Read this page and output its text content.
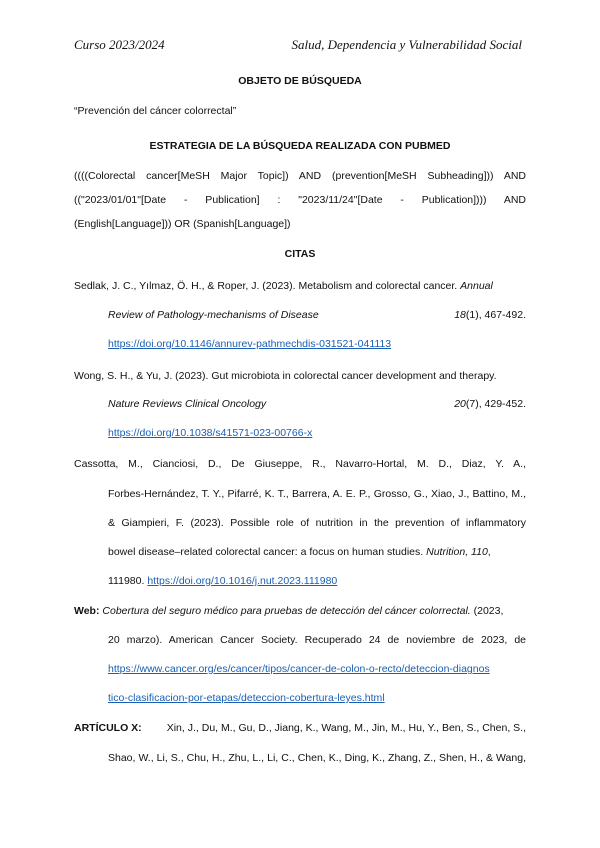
Curso 2023/2024	Salud, Dependencia y Vulnerabilidad Social
OBJETO DE BÚSQUEDA
“Prevención del cáncer colorrectal”
ESTRATEGIA DE LA BÚSQUEDA REALIZADA CON PUBMED
((((Colorectal cancer[MeSH Major Topic]) AND (prevention[MeSH Subheading])) AND
(("2023/01/01"[Date - Publication] : "2023/11/24"[Date - Publication]))) AND
(English[Language])) OR (Spanish[Language])
CITAS
Sedlak, J. C., Yılmaz, Ö. H., & Roper, J. (2023). Metabolism and colorectal cancer. Annual
Review of Pathology-mechanisms of Disease	18(1), 467-492.
https://doi.org/10.1146/annurev-pathmechdis-031521-041113
Wong, S. H., & Yu, J. (2023). Gut microbiota in colorectal cancer development and therapy.
Nature Reviews Clinical Oncology	20(7), 429-452.
https://doi.org/10.1038/s41571-023-00766-x
Cassotta, M., Cianciosi, D., De Giuseppe, R., Navarro-Hortal, M. D., Diaz, Y. A.,
Forbes-Hernández, T. Y., Pifarré, K. T., Barrera, A. E. P., Grosso, G., Xiao, J., Battino, M.,
& Giampieri, F. (2023). Possible role of nutrition in the prevention of inflammatory
bowel disease–related colorectal cancer: a focus on human studies. Nutrition, 110,
111980. https://doi.org/10.1016/j.nut.2023.111980
Web: Cobertura del seguro médico para pruebas de detección del cáncer colorrectal. (2023,
20 marzo). American Cancer Society. Recuperado 24 de noviembre de 2023, de
https://www.cancer.org/es/cancer/tipos/cancer-de-colon-o-recto/deteccion-diagnos
tico-clasificacion-por-etapas/deteccion-cobertura-leyes.html
ARTÍCULO X: Xin, J., Du, M., Gu, D., Jiang, K., Wang, M., Jin, M., Hu, Y., Ben, S., Chen, S.,
Shao, W., Li, S., Chu, H., Zhu, L., Li, C., Chen, K., Ding, K., Zhang, Z., Shen, H., & Wang,
